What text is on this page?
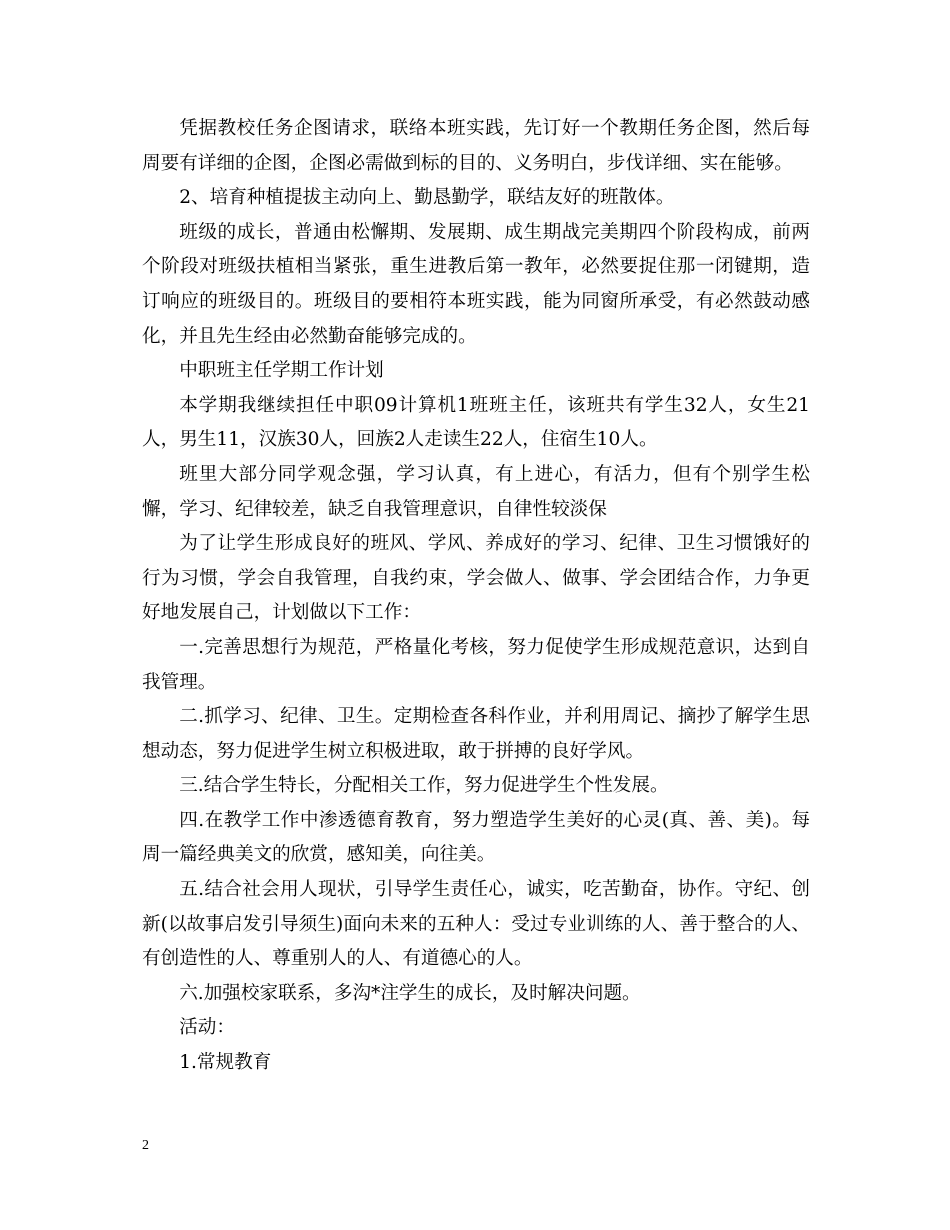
凭据教校任务企图请求，联络本班实践，先订好一个教期任务企图，然后每周要有详细的企图，企图必需做到标的目的、义务明白，步伐详细、实在能够。

2、培育种植提拔主动向上、勤恳勤学，联结友好的班散体。

班级的成长，普通由松懈期、发展期、成生期战完美期四个阶段构成，前两个阶段对班级扶植相当紧张，重生进教后第一教年，必然要捉住那一闭键期，造订响应的班级目的。班级目的要相符本班实践，能为同窗所承受，有必然鼓动感化，并且先生经由必然勤奋能够完成的。

中职班主任学期工作计划

本学期我继续担任中职09计算机1班班主任，该班共有学生32人，女生21人，男生11，汉族30人，回族2人走读生22人，住宿生10人。

班里大部分同学观念强，学习认真，有上进心，有活力，但有个别学生松懈，学习、纪律较差，缺乏自我管理意识，自律性较淡保

为了让学生形成良好的班风、学风、养成好的学习、纪律、卫生习惯饿好的行为习惯，学会自我管理，自我约束，学会做人、做事、学会团结合作，力争更好地发展自己，计划做以下工作：

一.完善思想行为规范，严格量化考核，努力促使学生形成规范意识，达到自我管理。

二.抓学习、纪律、卫生。定期检查各科作业，并利用周记、摘抄了解学生思想动态，努力促进学生树立积极进取，敢于拼搏的良好学风。

三.结合学生特长，分配相关工作，努力促进学生个性发展。

四.在教学工作中渗透德育教育，努力塑造学生美好的心灵(真、善、美)。每周一篇经典美文的欣赏，感知美，向往美。

五.结合社会用人现状，引导学生责任心，诚实，吃苦勤奋，协作。守纪、创新(以故事启发引导须生)面向未来的五种人：受过专业训练的人、善于整合的人、有创造性的人、尊重别人的人、有道德心的人。

六.加强校家联系，多沟*注学生的成长，及时解决问题。

活动：

1.常规教育

2
